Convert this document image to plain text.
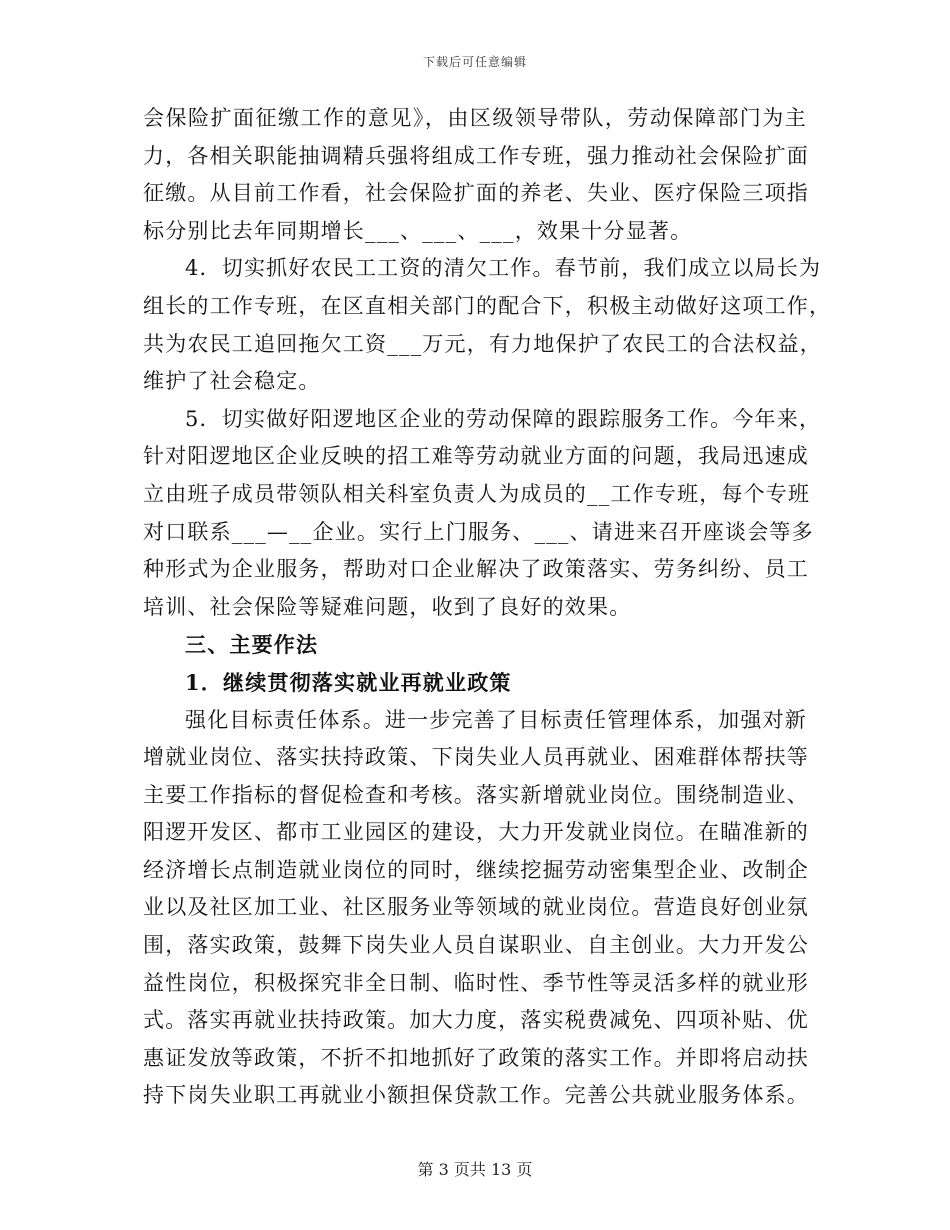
下载后可任意编辑
会保险扩面征缴工作的意见》，由区级领导带队，劳动保障部门为主
力，各相关职能抽调精兵强将组成工作专班，强力推动社会保险扩面
征缴。从目前工作看，社会保险扩面的养老、失业、医疗保险三项指
标分别比去年同期增长___、___、___，效果十分显著。
4．切实抓好农民工工资的清欠工作。春节前，我们成立以局长为
组长的工作专班，在区直相关部门的配合下，积极主动做好这项工作，
共为农民工追回拖欠工资___万元，有力地保护了农民工的合法权益，
维护了社会稳定。
5．切实做好阳逻地区企业的劳动保障的跟踪服务工作。今年来，
针对阳逻地区企业反映的招工难等劳动就业方面的问题，我局迅速成
立由班子成员带领队相关科室负责人为成员的__工作专班，每个专班
对口联系___—__企业。实行上门服务、___、请进来召开座谈会等多
种形式为企业服务，帮助对口企业解决了政策落实、劳务纠纷、员工
培训、社会保险等疑难问题，收到了良好的效果。
三、主要作法
1．继续贯彻落实就业再就业政策
强化目标责任体系。进一步完善了目标责任管理体系，加强对新
增就业岗位、落实扶持政策、下岗失业人员再就业、困难群体帮扶等
主要工作指标的督促检查和考核。落实新增就业岗位。围绕制造业、
阳逻开发区、都市工业园区的建设，大力开发就业岗位。在瞄准新的
经济增长点制造就业岗位的同时，继续挖掘劳动密集型企业、改制企
业以及社区加工业、社区服务业等领域的就业岗位。营造良好创业氛
围，落实政策，鼓舞下岗失业人员自谋职业、自主创业。大力开发公
益性岗位，积极探究非全日制、临时性、季节性等灵活多样的就业形
式。落实再就业扶持政策。加大力度，落实税费减免、四项补贴、优
惠证发放等政策，不折不扣地抓好了政策的落实工作。并即将启动扶
持下岗失业职工再就业小额担保贷款工作。完善公共就业服务体系。
第 3 页共 13 页
